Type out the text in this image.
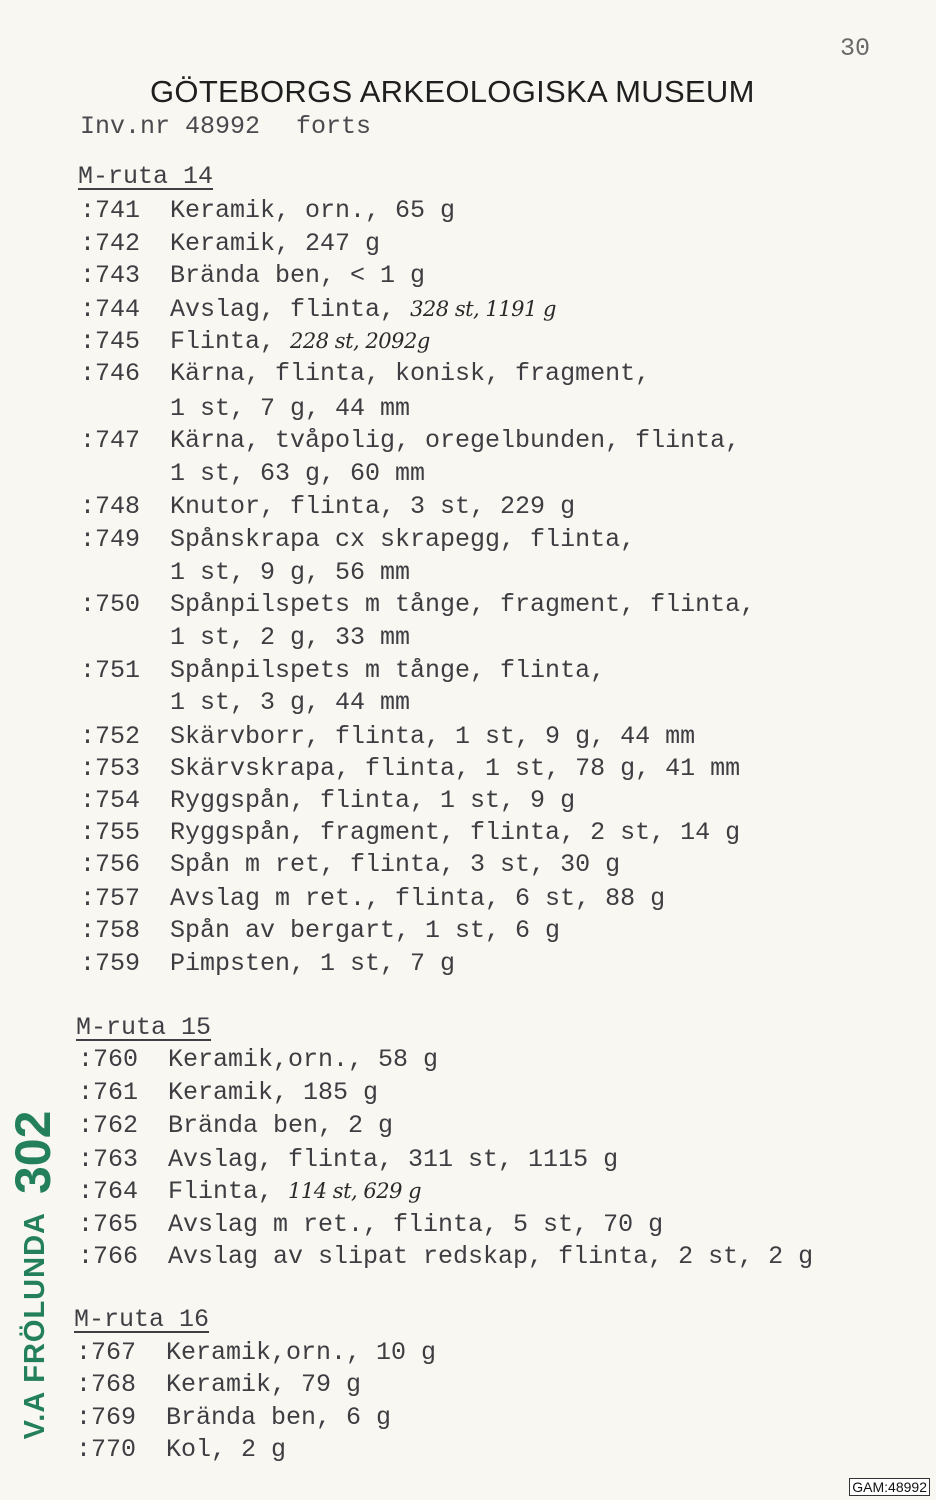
30
GÖTEBORGS ARKEOLOGISKA MUSEUM
Inv.nr 48992 forts
M-ruta 14
:741 Keramik, orn., 65 g
:742 Keramik, 247 g
:743 Brända ben, < 1 g
:744 Avslag, flinta, 328 st, 1191 g
:745 Flinta, 228 st, 2092g
:746 Kärna, flinta, konisk, fragment,
1 st, 7 g, 44 mm
:747 Kärna, tvåpolig, oregelbunden, flinta,
1 st, 63 g, 60 mm
:748 Knutor, flinta, 3 st, 229 g
:749 Spånskrapa cx skrapegg, flinta,
1 st, 9 g, 56 mm
:750 Spånpilspets m tånge, fragment, flinta,
1 st, 2 g, 33 mm
:751 Spånpilspets m tånge, flinta,
1 st, 3 g, 44 mm
:752 Skärvborr, flinta, 1 st, 9 g, 44 mm
:753 Skärvskrapa, flinta, 1 st, 78 g, 41 mm
:754 Ryggspån, flinta, 1 st, 9 g
:755 Ryggspån, fragment, flinta, 2 st, 14 g
:756 Spån m ret, flinta, 3 st, 30 g
:757 Avslag m ret., flinta, 6 st, 88 g
:758 Spån av bergart, 1 st, 6 g
:759 Pimpsten, 1 st, 7 g
M-ruta 15
:760 Keramik,orn., 58 g
:761 Keramik, 185 g
:762 Brända ben, 2 g
:763 Avslag, flinta, 311 st, 1115 g
:764 Flinta, 114 st, 629 g
:765 Avslag m ret., flinta, 5 st, 70 g
:766 Avslag av slipat redskap, flinta, 2 st, 2 g
M-ruta 16
:767 Keramik,orn., 10 g
:768 Keramik, 79 g
:769 Brända ben, 6 g
:770 Kol, 2 g
V.A FRÖLUNDA302
GAM:48992
